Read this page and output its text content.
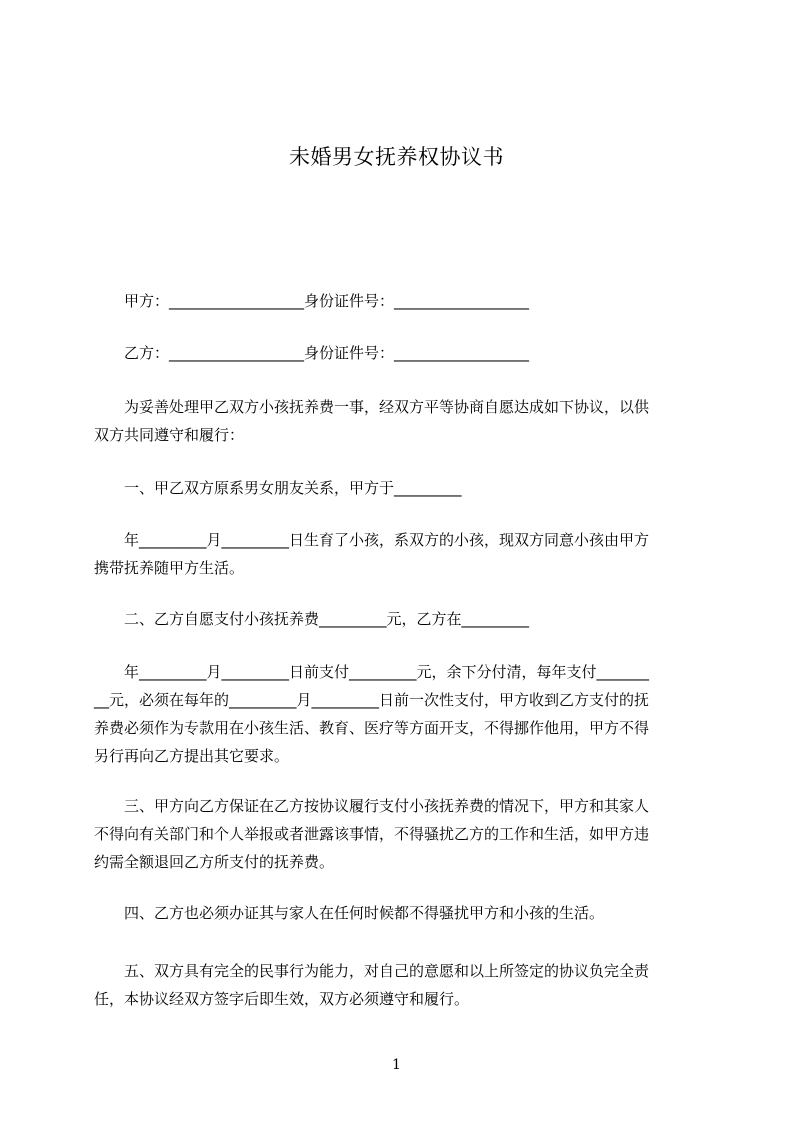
未婚男女抚养权协议书
　　甲方：__________________身份证件号：__________________
　　乙方：__________________身份证件号：__________________
　　为妥善处理甲乙双方小孩抚养费一事，经双方平等协商自愿达成如下协议，以供
双方共同遵守和履行：
　　一、甲乙双方原系男女朋友关系，甲方于_________
　　年_________月_________日生育了小孩，系双方的小孩，现双方同意小孩由甲方
携带抚养随甲方生活。
　　二、乙方自愿支付小孩抚养费_________元，乙方在_________
　　年_________月_________日前支付_________元，余下分付清，每年支付_______
__元，必须在每年的_________月_________日前一次性支付，甲方收到乙方支付的抚
养费必须作为专款用在小孩生活、教育、医疗等方面开支，不得挪作他用，甲方不得
另行再向乙方提出其它要求。
　　三、甲方向乙方保证在乙方按协议履行支付小孩抚养费的情况下，甲方和其家人
不得向有关部门和个人举报或者泄露该事情，不得骚扰乙方的工作和生活，如甲方违
约需全额退回乙方所支付的抚养费。
　　四、乙方也必须办证其与家人在任何时候都不得骚扰甲方和小孩的生活。
　　五、双方具有完全的民事行为能力，对自己的意愿和以上所签定的协议负完全责
任，本协议经双方签字后即生效，双方必须遵守和履行。
1
